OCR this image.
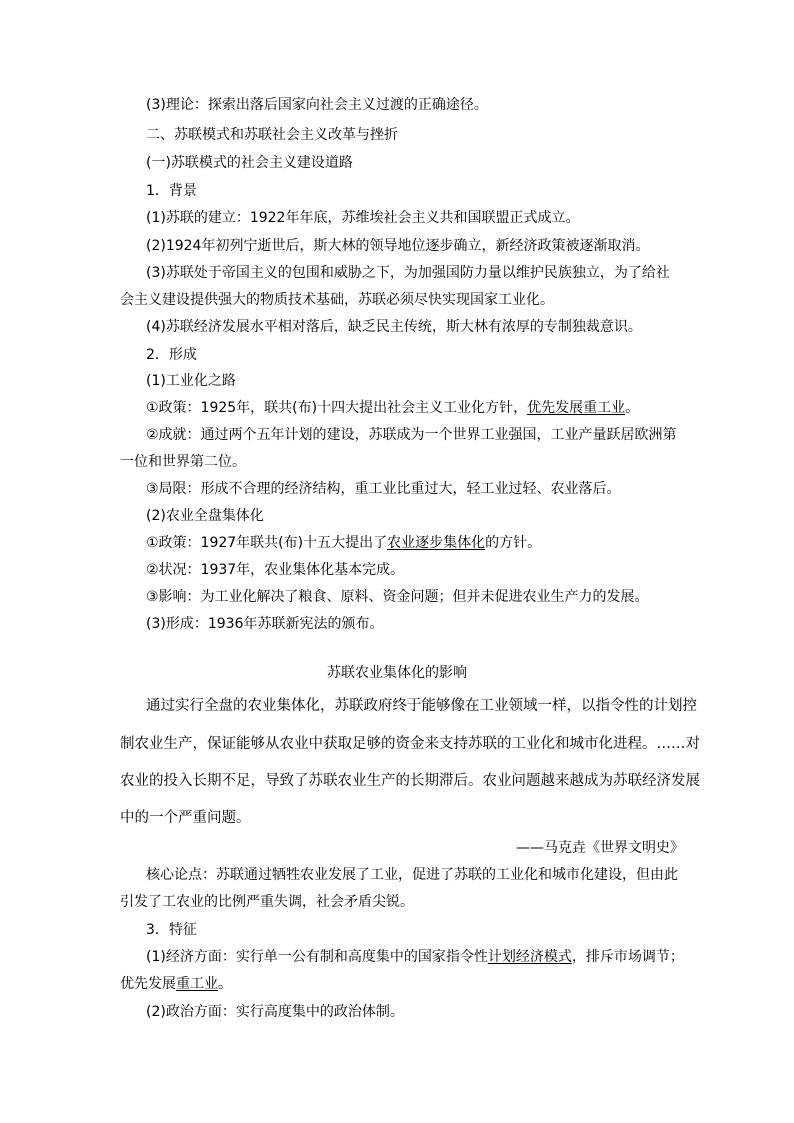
(3)理论：探索出落后国家向社会主义过渡的正确途径。
二、苏联模式和苏联社会主义改革与挫折
(一)苏联模式的社会主义建设道路
1．背景
(1)苏联的建立：1922年年底，苏维埃社会主义共和国联盟正式成立。
(2)1924年初列宁逝世后，斯大林的领导地位逐步确立，新经济政策被逐渐取消。
(3)苏联处于帝国主义的包围和威胁之下，为加强国防力量以维护民族独立，为了给社
会主义建设提供强大的物质技术基础，苏联必须尽快实现国家工业化。
(4)苏联经济发展水平相对落后，缺乏民主传统，斯大林有浓厚的专制独裁意识。
2．形成
(1)工业化之路
①政策：1925年，联共(布)十四大提出社会主义工业化方针，优先发展重工业。
②成就：通过两个五年计划的建设，苏联成为一个世界工业强国，工业产量跃居欧洲第
一位和世界第二位。
③局限：形成不合理的经济结构，重工业比重过大，轻工业过轻、农业落后。
(2)农业全盘集体化
①政策：1927年联共(布)十五大提出了农业逐步集体化的方针。
②状况：1937年，农业集体化基本完成。
③影响：为工业化解决了粮食、原料、资金问题；但并未促进农业生产力的发展。
(3)形成：1936年苏联新宪法的颁布。
苏联农业集体化的影响
通过实行全盘的农业集体化，苏联政府终于能够像在工业领域一样，以指令性的计划控
制农业生产，保证能够从农业中获取足够的资金来支持苏联的工业化和城市化进程。……对
农业的投入长期不足，导致了苏联农业生产的长期滞后。农业问题越来越成为苏联经济发展
中的一个严重问题。
——马克垚《世界文明史》
核心论点：苏联通过牺牲农业发展了工业，促进了苏联的工业化和城市化建设，但由此
引发了工农业的比例严重失调，社会矛盾尖锐。
3．特征
(1)经济方面：实行单一公有制和高度集中的国家指令性计划经济模式，排斥市场调节；
优先发展重工业。
(2)政治方面：实行高度集中的政治体制。
